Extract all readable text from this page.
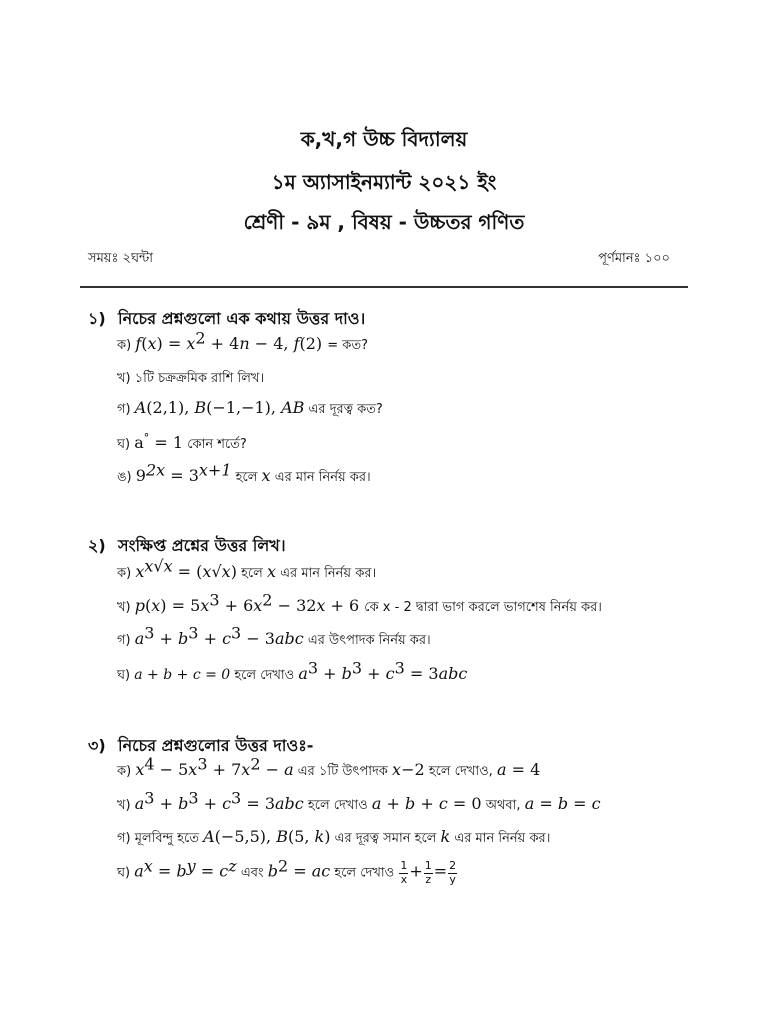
ক,খ,গ উচ্চ বিদ্যালয়
১ম অ্যাসাইনম্যান্ট ২০২১ ইং
শ্রেণী - ৯ম , বিষয় - উচ্চতর গণিত
সময়ঃ ২ঘন্টা	পূর্ণমানঃ ১০০
১) নিচের প্রশ্নগুলো এক কথায় উত্তর দাও।
ক) $f(x) = x^2 + 4n - 4$, f(2) = কত?
খ) ১টি চক্রক্রমিক রাশি লিখ।
গ) A(2,1), B(−1,−1), AB এর দূরত্ব কত?
ঘ) a° = 1 কোন শর্তে?
ঙ) $9^{2x} = 3^{x+1}$ হলে x এর মান নির্নয় কর।
২) সংক্ষিপ্ত প্রশ্নের উত্তর লিখ।
ক) $x^{x√x} = (x√x)$ হলে x এর মান নির্নয় কর।
খ) $p(x) = 5x^3 + 6x^2 - 32x + 6$ কে x - 2 দ্বারা ভাগ করলে ভাগশেষ নির্নয় কর।
গ) $a^3 + b^3 + c^3 - 3abc$ এর উৎপাদক নির্নয় কর।
ঘ) a + b + c = 0 হলে দেখাও $a^3 + b^3 + c^3 = 3abc$
৩) নিচের প্রশ্নগুলোর উত্তর দাওঃ-
ক) $x^4 - 5x^3 + 7x^2 - a$ এর ১টি উৎপাদক x−2 হলে দেখাও, a = 4
খ) $a^3 + b^3 + c^3 = 3abc$ হলে দেখাও a + b + c = 0 অথবা, a = b = c
গ) মূলবিন্দু হতে A(−5,5), B(5, k) এর দূরত্ব সমান হলে k এর মান নির্নয় কর।
ঘ) $a^x = b^y = c^z$ এবং $b^2$ = ac হলে দেখাও $\frac{1}{x} + \frac{1}{z} = \frac{2}{y}$
